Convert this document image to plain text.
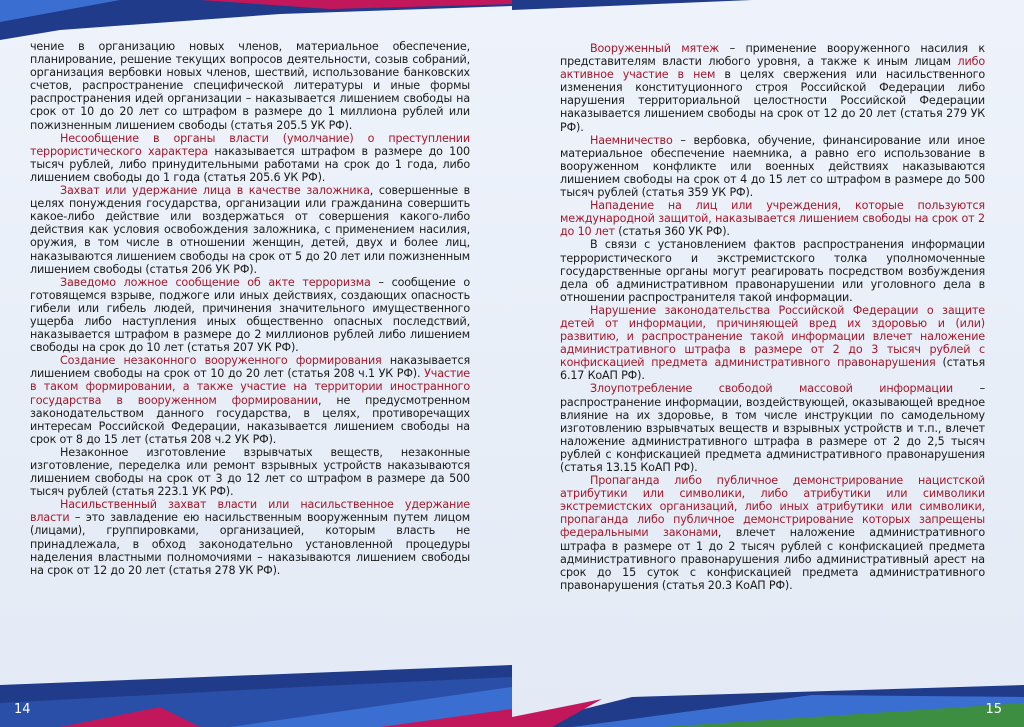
14	15

чение в организацию новых членов, материальное обеспечение, планирование, решение текущих вопросов деятельности, созыв собраний, организация вербовки новых членов, шествий, использование банковских счетов, распространение специфической литературы и иные формы распространения идей организации – наказывается лишением свободы на срок от 10 до 20 лет со штрафом в размере до 1 миллиона рублей или пожизненным лишением свободы (статья 205.5 УК РФ).

Несообщение в органы власти (умолчание) о преступлении террористического характера наказывается штрафом в размере до 100 тысяч рублей, либо принудительными работами на срок до 1 года, либо лишением свободы до 1 года (статья 205.6 УК РФ).

Захват или удержание лица в качестве заложника, совершенные в целях понуждения государства, организации или гражданина совершить какое-либо действие или воздержаться от совершения какого-либо действия как условия освобождения заложника, с применением насилия, оружия, в том числе в отношении женщин, детей, двух и более лиц, наказываются лишением свободы на срок от 5 до 20 лет или пожизненным лишением свободы (статья 206 УК РФ).

Заведомо ложное сообщение об акте терроризма – сообщение о готовящемся взрыве, поджоге или иных действиях, создающих опасность гибели или гибель людей, причинения значительного имущественного ущерба либо наступления иных общественно опасных последствий, наказывается штрафом в размере до 2 миллионов рублей либо лишением свободы на срок до 10 лет (статья 207 УК РФ).

Создание незаконного вооруженного формирования наказывается лишением свободы на срок от 10 до 20 лет (статья 208 ч.1 УК РФ). Участие в таком формировании, а также участие на территории иностранного государства в вооруженном формировании, не предусмотренном законодательством данного государства, в целях, противоречащих интересам Российской Федерации, наказывается лишением свободы на срок от 8 до 15 лет (статья 208 ч.2 УК РФ).

Незаконное изготовление взрывчатых веществ, незаконные изготовление, переделка или ремонт взрывных устройств наказываются лишением свободы на срок от 3 до 12 лет со штрафом в размере да 500 тысяч рублей (статья 223.1 УК РФ).

Насильственный захват власти или насильственное удержание власти – это завладение ею насильственным вооруженным путем лицом (лицами), группировками, организацией, которым власть не принадлежала, в обход законодательно установленной процедуры наделения властными полномочиями – наказываются лишением свободы на срок от 12 до 20 лет (статья 278 УК РФ).

Вооруженный мятеж – применение вооруженного насилия к представителям власти любого уровня, а также к иным лицам либо активное участие в нем в целях свержения или насильственного изменения конституционного строя Российской Федерации либо нарушения территориальной целостности Российской Федерации наказывается лишением свободы на срок от 12 до 20 лет (статья 279 УК РФ).

Наемничество – вербовка, обучение, финансирование или иное материальное обеспечение наемника, а равно его использование в вооруженном конфликте или военных действиях наказываются лишением свободы на срок от 4 до 15 лет со штрафом в размере до 500 тысяч рублей (статья 359 УК РФ).

Нападение на лиц или учреждения, которые пользуются международной защитой, наказывается лишением свободы на срок от 2 до 10 лет (статья 360 УК РФ).

В связи с установлением фактов распространения информации террористического и экстремистского толка уполномоченные государственные органы могут реагировать посредством возбуждения дела об административном правонарушении или уголовного дела в отношении распространителя такой информации.

Нарушение законодательства Российской Федерации о защите детей от информации, причиняющей вред их здоровью и (или) развитию, и распространение такой информации влечет наложение административного штрафа в размере от 2 до 3 тысяч рублей с конфискацией предмета административного правонарушения (статья 6.17 КоАП РФ).

Злоупотребление свободой массовой информации – распространение информации, воздействующей, оказывающей вредное влияние на их здоровье, в том числе инструкции по самодельному изготовлению взрывчатых веществ и взрывных устройств и т.п., влечет наложение административного штрафа в размере от 2 до 2,5 тысяч рублей с конфискацией предмета административного правонарушения (статья 13.15 КоАП РФ).

Пропаганда либо публичное демонстрирование нацистской атрибутики или символики, либо атрибутики или символики экстремистских организаций, либо иных атрибутики или символики, пропаганда либо публичное демонстрирование которых запрещены федеральными законами, влечет наложение административного штрафа в размере от 1 до 2 тысяч рублей с конфискацией предмета административного правонарушения либо административный арест на срок до 15 суток с конфискацией предмета административного правонарушения (статья 20.3 КоАП РФ).
